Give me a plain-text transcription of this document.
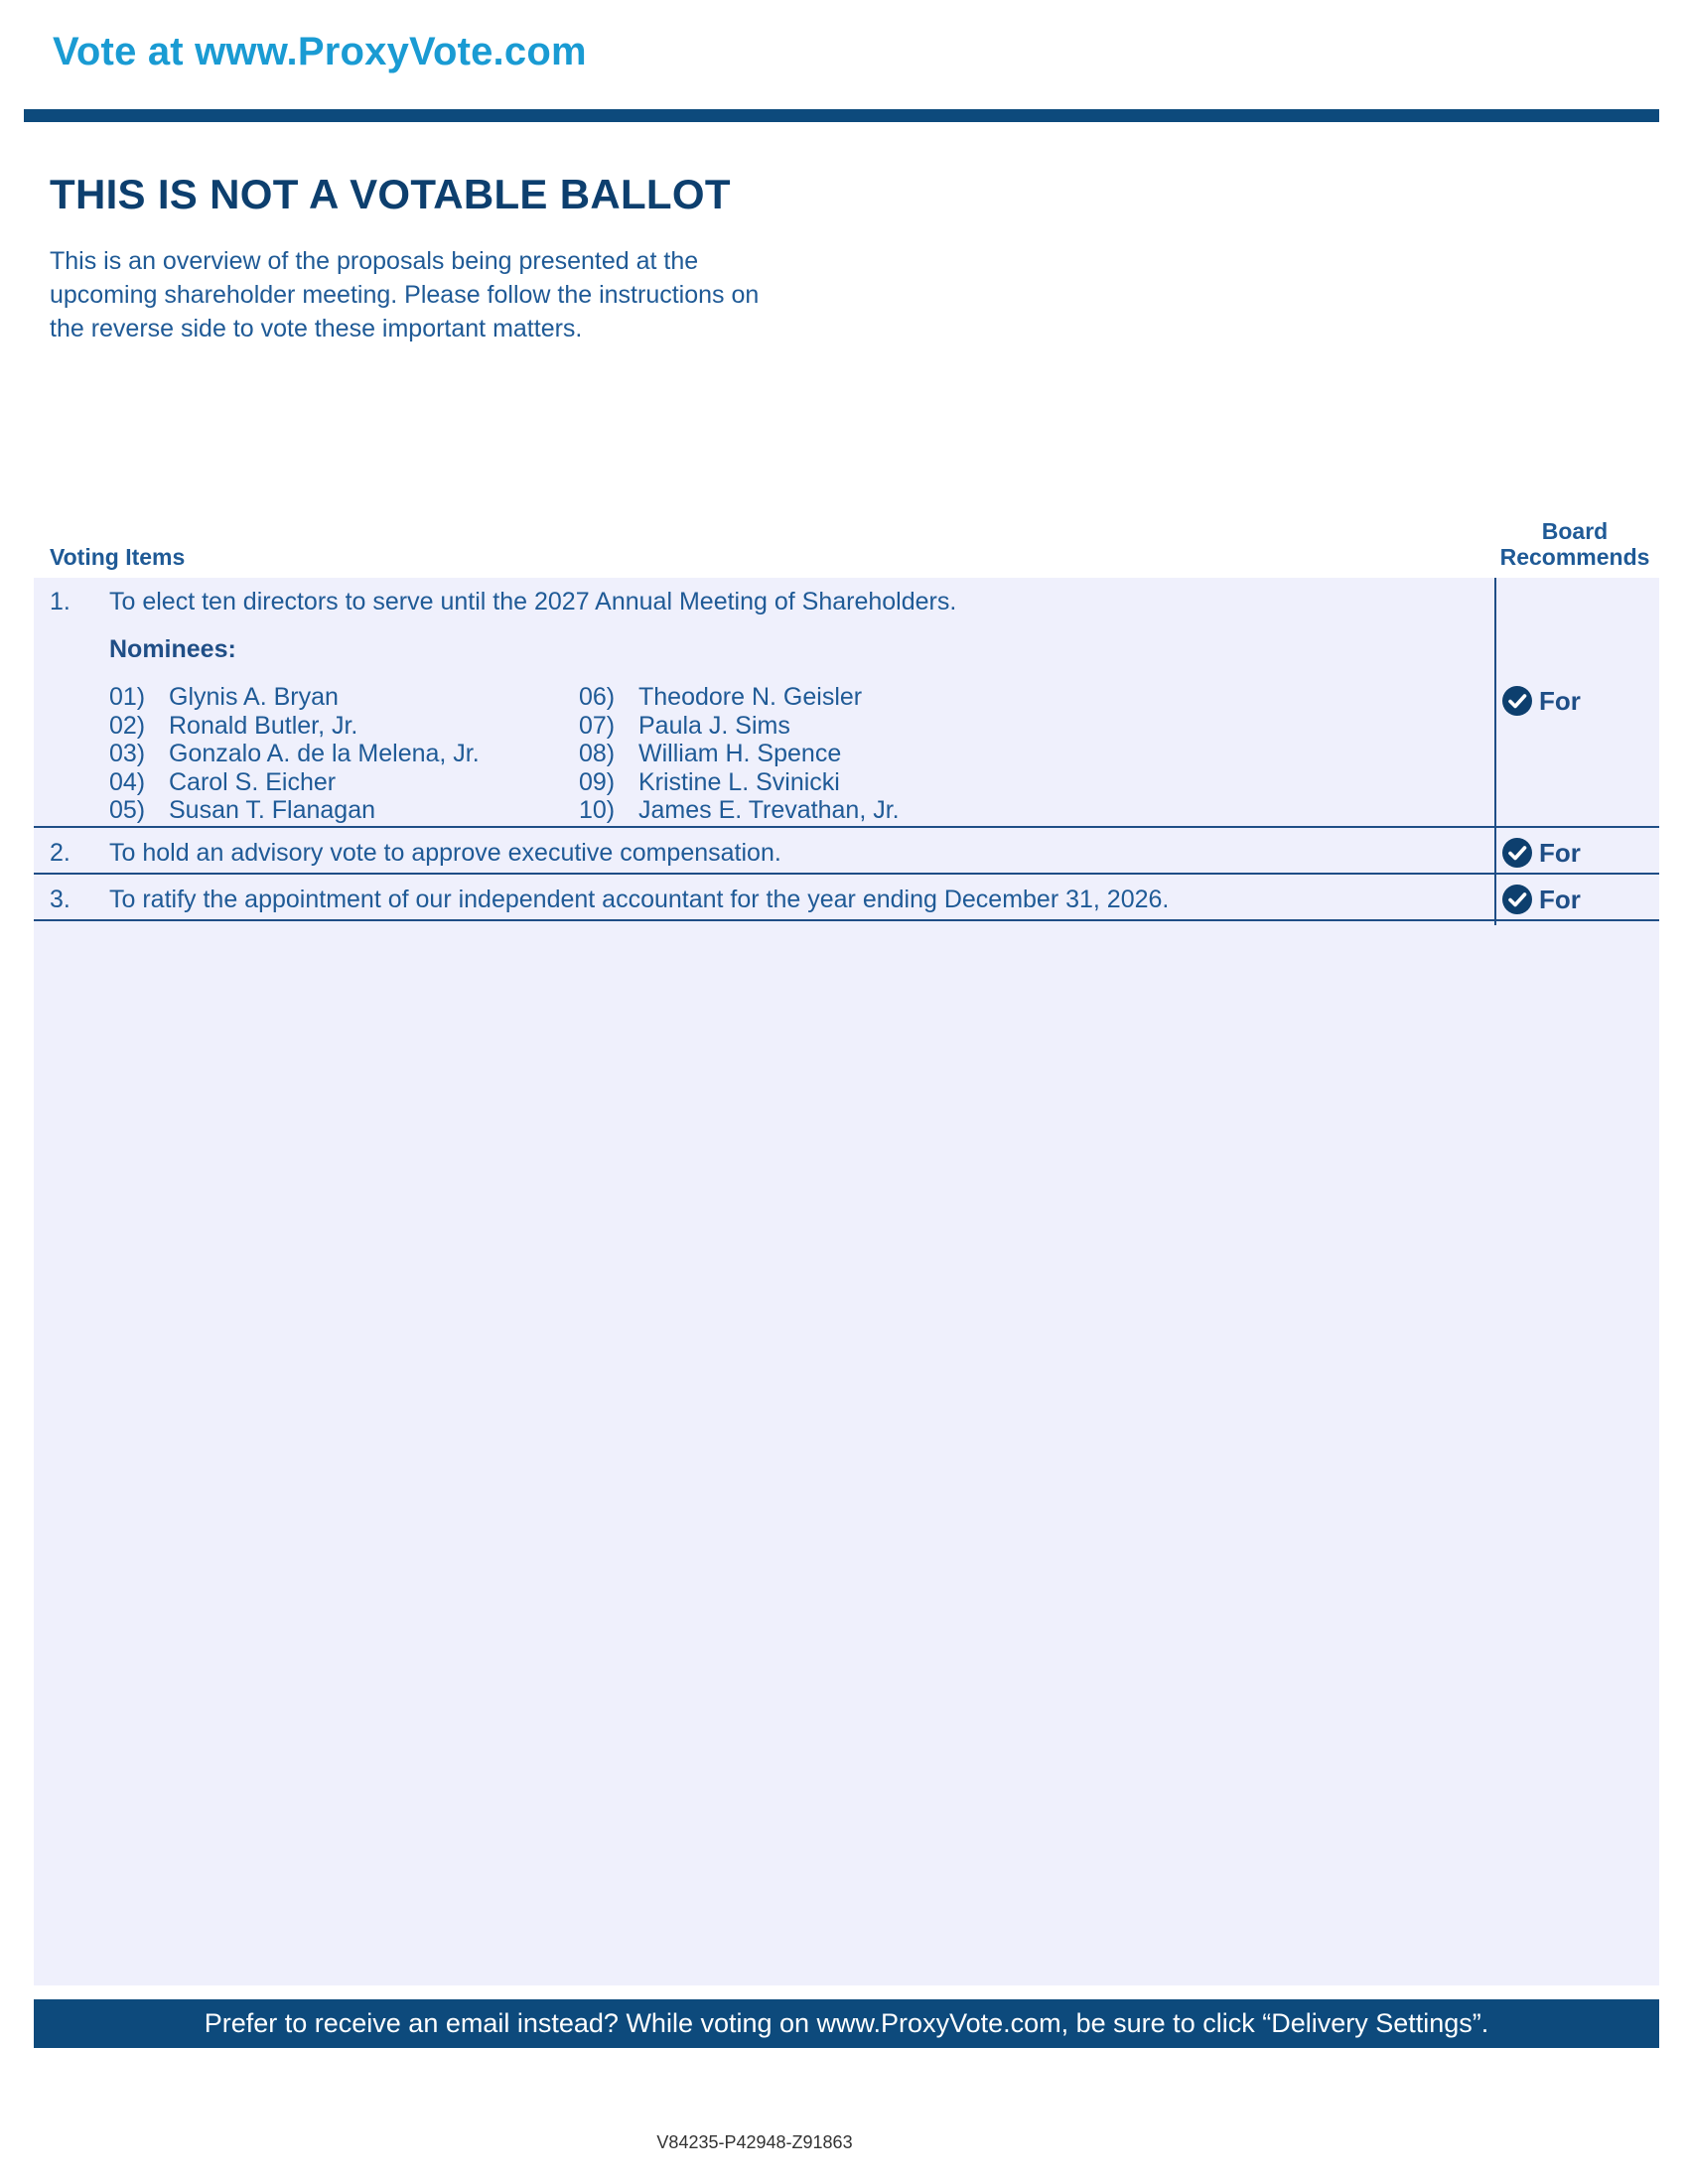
Vote at www.ProxyVote.com
THIS IS NOT A VOTABLE BALLOT
This is an overview of the proposals being presented at the
upcoming shareholder meeting. Please follow the instructions on
the reverse side to vote these important matters.
Voting Items
Board
Recommends
1. To elect ten directors to serve until the 2027 Annual Meeting of Shareholders.
Nominees:
01) Glynis A. Bryan
02) Ronald Butler, Jr.
03) Gonzalo A. de la Melena, Jr.
04) Carol S. Eicher
05) Susan T. Flanagan
06) Theodore N. Geisler
07) Paula J. Sims
08) William H. Spence
09) Kristine L. Svinicki
10) James E. Trevathan, Jr.
For
2. To hold an advisory vote to approve executive compensation.	For
3. To ratify the appointment of our independent accountant for the year ending December 31, 2026.	For
Prefer to receive an email instead? While voting on www.ProxyVote.com, be sure to click “Delivery Settings”.
V84235-P42948-Z91863
